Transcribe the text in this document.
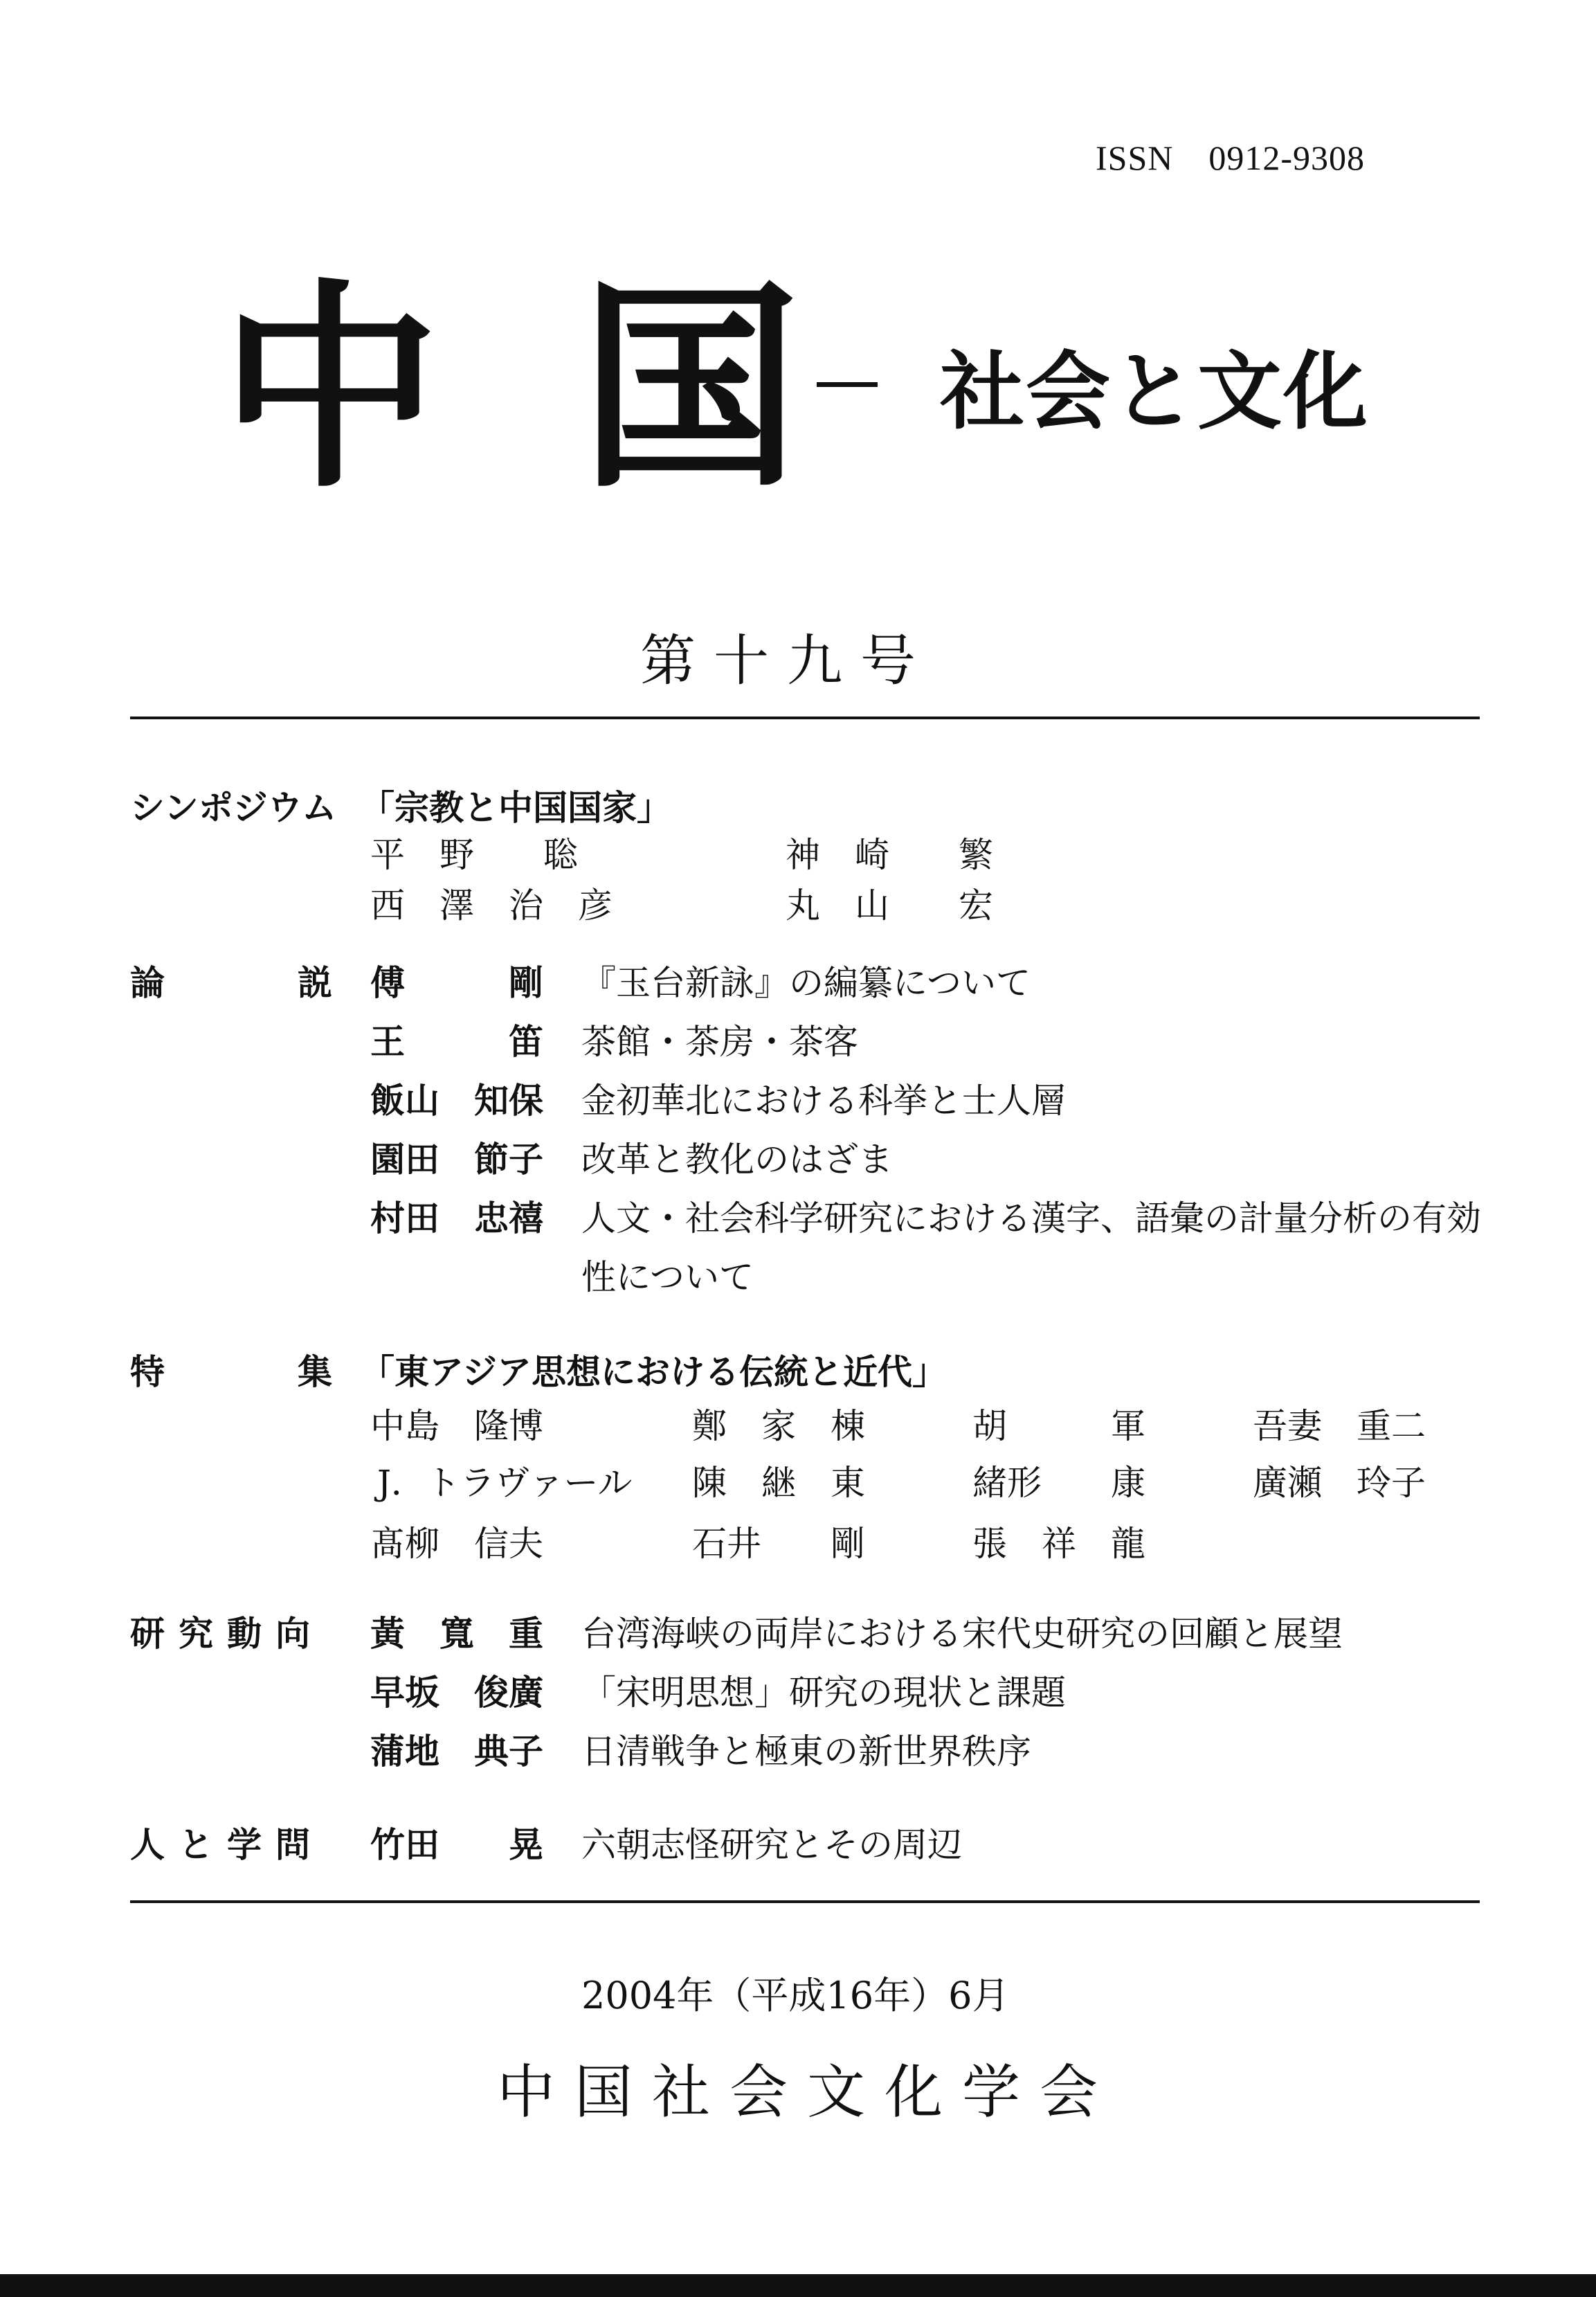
ISSN　0912-9308
中 国 社会と文化
第十九号
シンポジウム 「宗教と中国国家」
平　野　　聡	神　崎　　繁
西　澤　治　彦	丸　山　　宏
論	説 傅　　　剛 『玉台新詠』の編纂について
王　　　笛 茶館・茶房・茶客
飯山　知保 金初華北における科挙と士人層
園田　節子 改革と教化のはざま
村田　忠禧 人文・社会科学研究における漢字、語彙の計量分析の有効
性について
特	集 「東アジア思想における伝統と近代」
中島　隆博	鄭　家　棟	胡　　　軍	吾妻　重二
J．トラヴァール 陳　継　東	緒形　　康	廣瀬　玲子
髙柳　信夫	石井　　剛	張　祥　龍
研究動向 黃　寬　重 台湾海峡の両岸における宋代史研究の回顧と展望
早坂　俊廣 「宋明思想」研究の現状と課題
蒲地　典子 日清戦争と極東の新世界秩序
人と学問 竹田　　晃 六朝志怪研究とその周辺
2004年（平成16年）6月
中国社会文化学会
